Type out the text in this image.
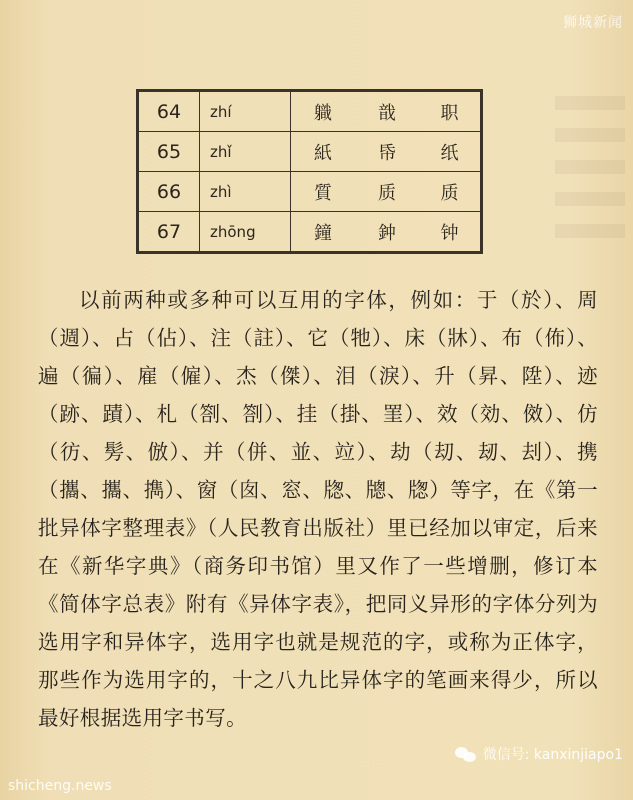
狮城新闻
64	zhí	軄	戠	职
65	zhǐ	紙	帋	纸
66	zhì	質	质	质
67	zhōng	鐘	鈡	钟

以前两种或多种可以互用的字体，例如：于（於）、周（週）、占（佔）、注（註）、它（牠）、床（牀）、布（佈）、遍（徧）、雇（僱）、杰（傑）、泪（淚）、升（昇、陞）、迹（跡、蹟）、札（劄、劄）、挂（掛、罣）、效（効、傚）、仿（彷、髣、倣）、并（併、並、竝）、劫（刧、刼、刦）、携（攜、攜、擕）、窗（囱、窓、牎、牕、牎）等字，在《第一批异体字整理表》（人民教育出版社）里已经加以审定，后来在《新华字典》（商务印书馆）里又作了一些增删，修订本《简体字总表》附有《异体字表》，把同义异形的字体分列为选用字和异体字，选用字也就是规范的字，或称为正体字，那些作为选用字的，十之八九比异体字的笔画来得少，所以最好根据选用字书写。

微信号: kanxinjiapo1
shicheng.news
